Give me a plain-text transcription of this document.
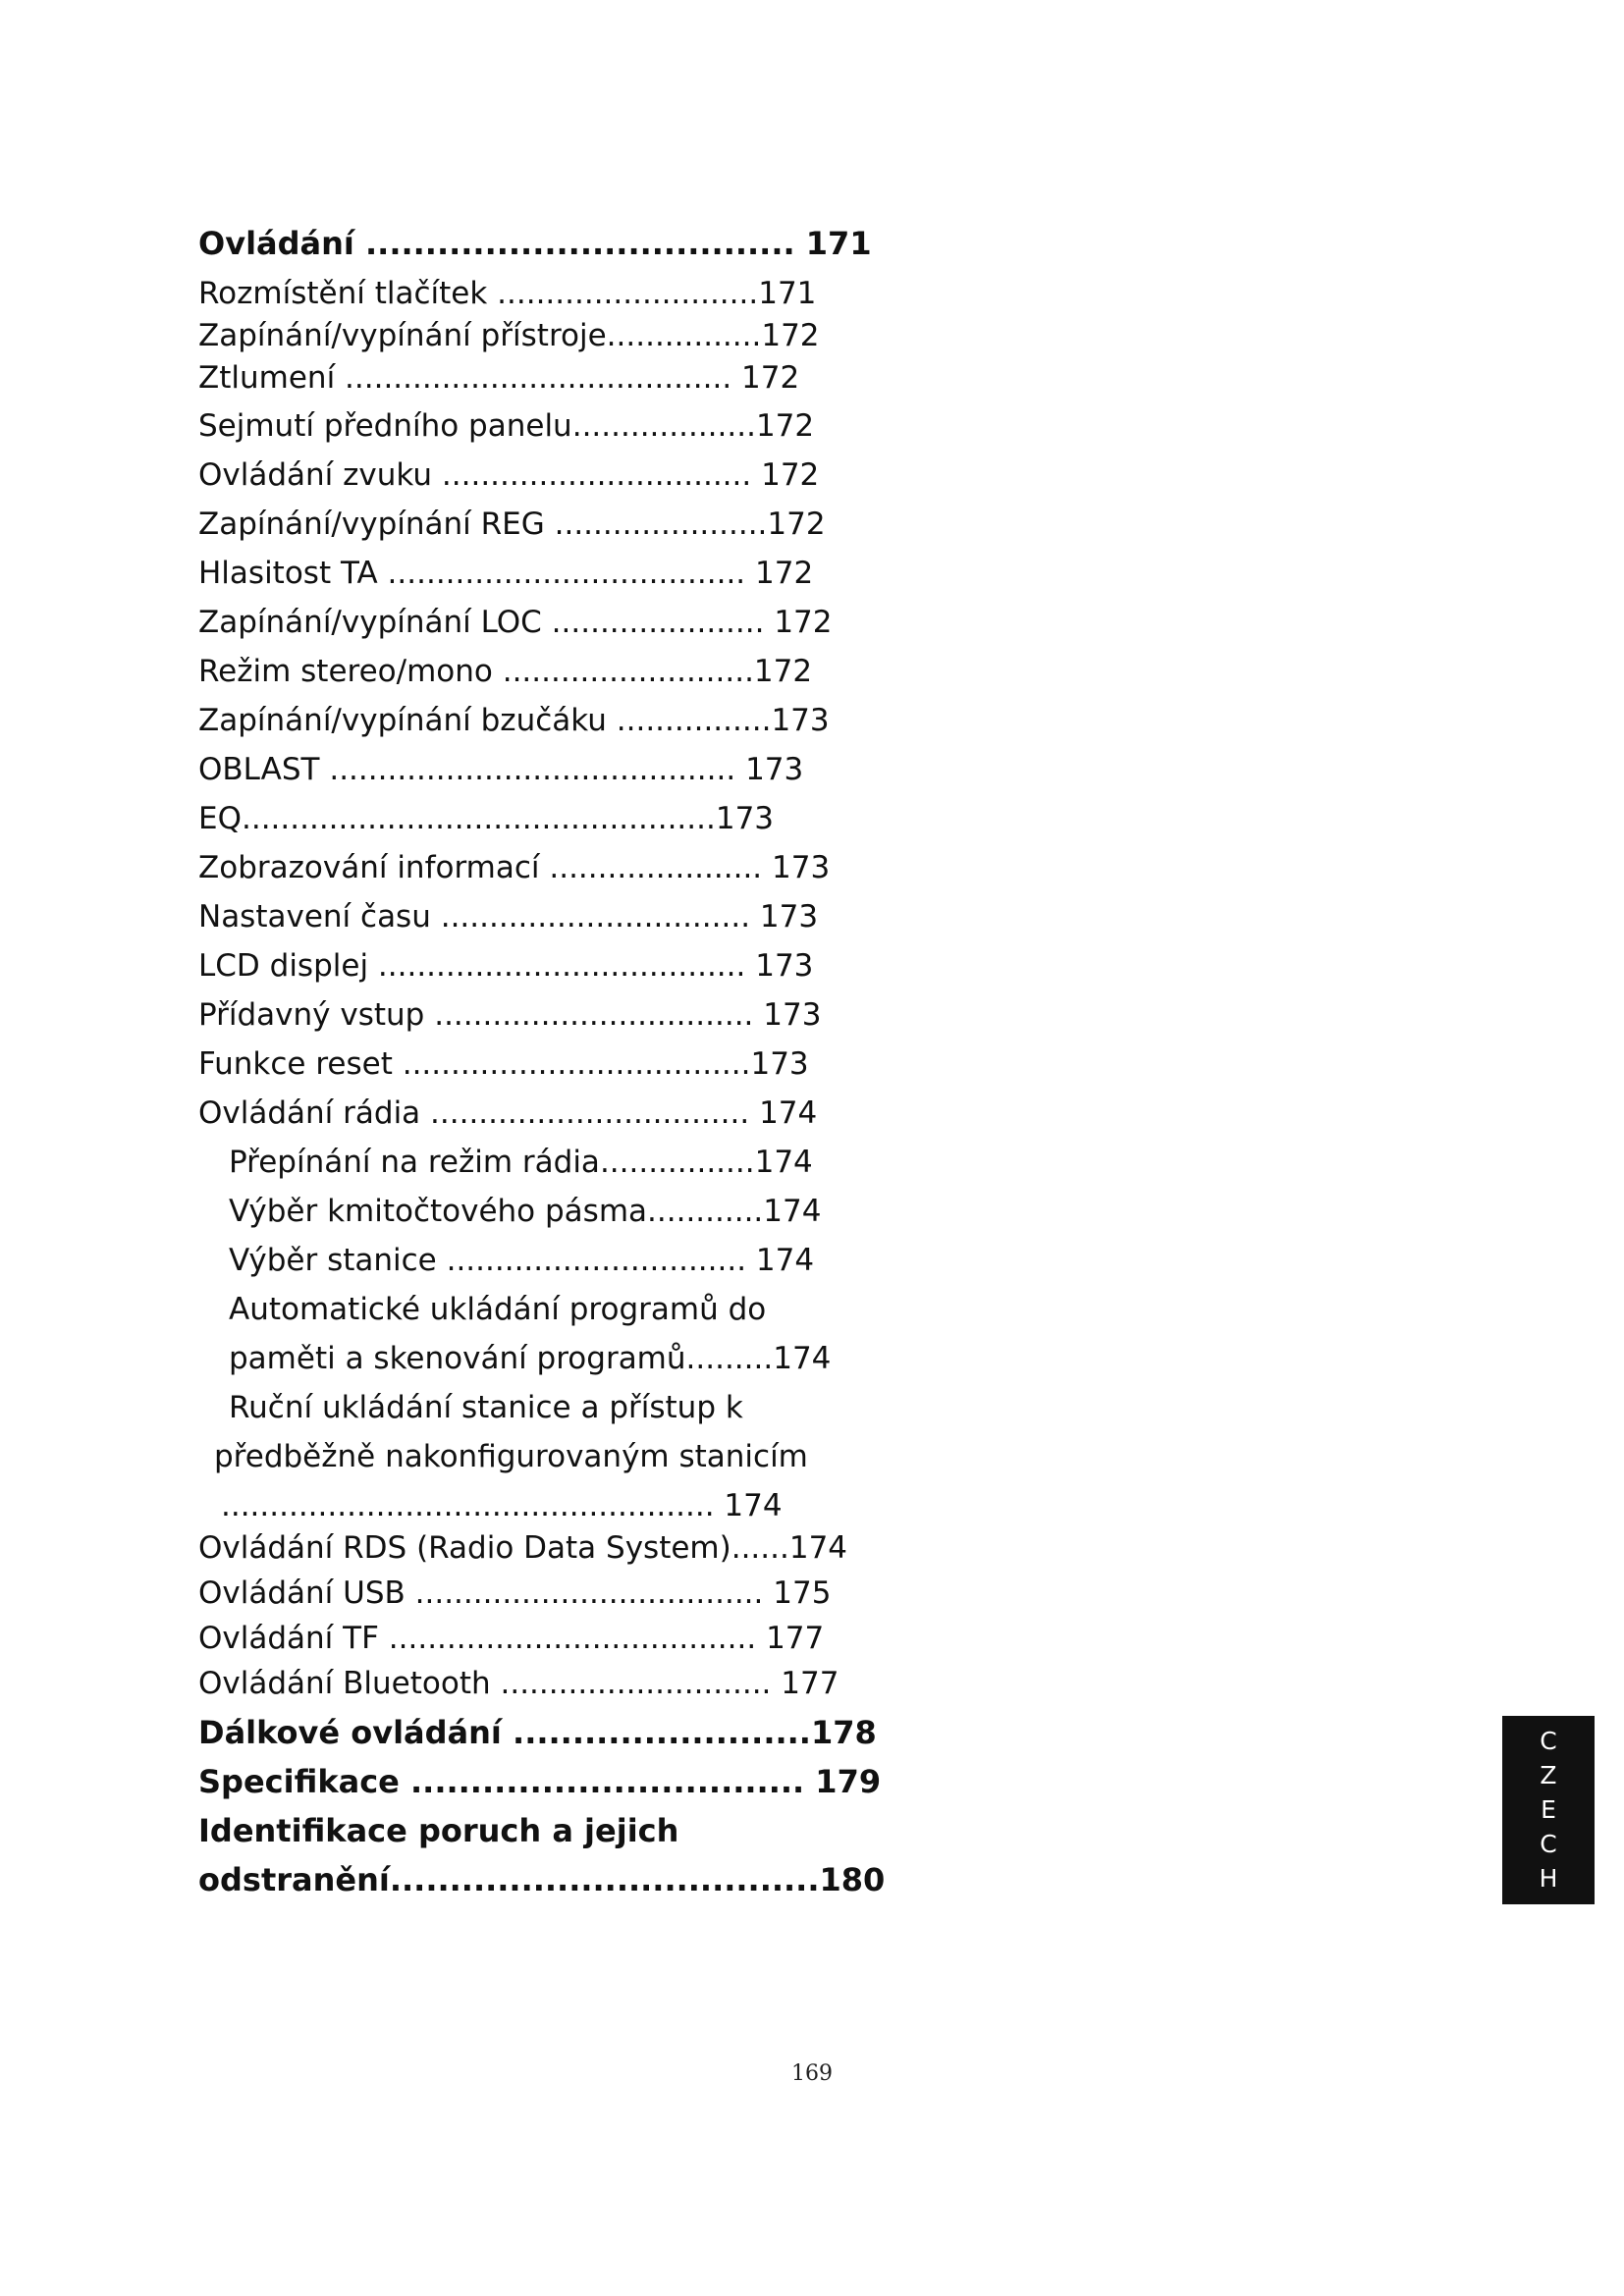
Ovládání .................................... 171
Rozmístění tlačítek ...........................171
Zapínání/vypínání přístroje................172
Ztlumení ........................................ 172
Sejmutí předního panelu...................172
Ovládání zvuku ................................ 172
Zapínání/vypínání REG ......................172
Hlasitost TA ..................................... 172
Zapínání/vypínání LOC ...................... 172
Režim stereo/mono ..........................172
Zapínání/vypínání bzučáku ................173
OBLAST .......................................... 173
EQ.................................................173
Zobrazování informací ...................... 173
Nastavení času ................................ 173
LCD displej ...................................... 173
Přídavný vstup ................................. 173
Funkce reset ....................................173
Ovládání rádia ................................. 174
Přepínání na režim rádia................174
Výběr kmitočtového pásma............174
Výběr stanice ............................... 174
Automatické ukládání programů do
paměti a skenování programů.........174
Ruční ukládání stanice a přístup k
předběžně nakonfigurovaným stanicím
................................................... 174
Ovládání RDS (Radio Data System)......174
Ovládání USB .................................... 175
Ovládání TF ...................................... 177
Ovládání Bluetooth ............................ 177
Dálkové ovládání .........................178
Specifikace ................................. 179
Identifikace poruch a jejich
odstranění....................................180
C
Z
E
C
H
169
